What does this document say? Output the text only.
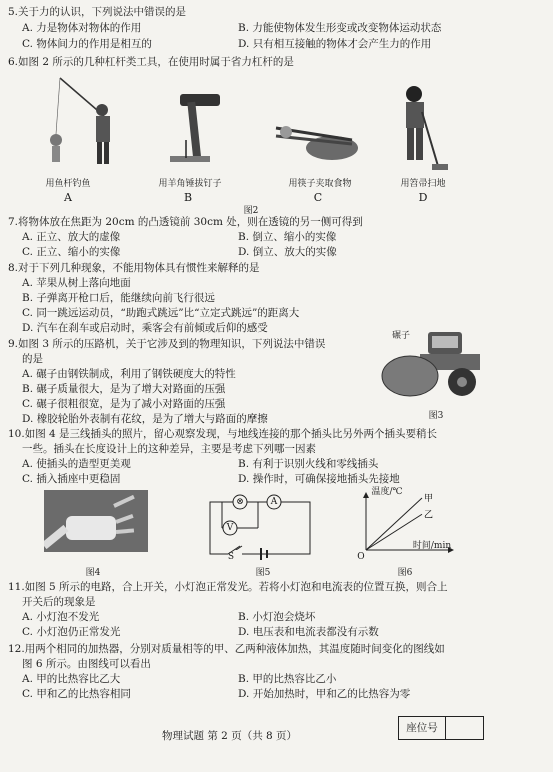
5.关于力的认识，下列说法中错误的是
A. 力是物体对物体的作用	B. 力能使物体发生形变或改变物体运动状态
C. 物体间力的作用是相互的	D. 只有相互接触的物体才会产生力的作用
6.如图 2 所示的几种杠杆类工具，在使用时属于省力杠杆的是
用鱼杆钓鱼
A
用羊角锤拔钉子
B
用筷子夹取食物
C
用笤帚扫地
D
图2
7.将物体放在焦距为 20cm 的凸透镜前 30cm 处，则在透镜的另一侧可得到
A. 正立、放大的虚像	B. 倒立、缩小的实像
C. 正立、缩小的实像	D. 倒立、放大的实像
8.对于下列几种现象，不能用物体具有惯性来解释的是
A. 苹果从树上落向地面
B. 子弹离开枪口后，能继续向前飞行很远
C. 同一跳远运动员，“助跑式跳远”比“立定式跳远”的距离大
D. 汽车在刹车或启动时，乘客会有前倾或后仰的感受
9.如图 3 所示的压路机，关于它涉及到的物理知识，下列说法中错误
的是
A. 碾子由钢铁制成，利用了钢铁硬度大的特性
B. 碾子质量很大，是为了增大对路面的压强
C. 碾子很粗很宽，是为了减小对路面的压强
D. 橡胶轮胎外表制有花纹，是为了增大与路面的摩擦
碾子
图3
10.如图 4 是三线插头的照片，留心观察发现，与地线连接的那个插头比另外两个插头要稍长
一些。插头在长度设计上的这种差异，主要是考虑下列哪一因素
A. 使插头的造型更美观	B. 有利于识别火线和零线插头
C. 插入插座中更稳固	D. 操作时，可确保接地插头先接地
图4
⊗	A
V
S
图5
温度/℃
O
甲
乙
时间/min
图6
11.如图 5 所示的电路，合上开关，小灯泡正常发光。若将小灯泡和电流表的位置互换，则合上
开关后的现象是
A. 小灯泡不发光	B. 小灯泡会烧坏
C. 小灯泡仍正常发光	D. 电压表和电流表都没有示数
12.用两个相同的加热器，分别对质量相等的甲、乙两种液体加热，其温度随时间变化的图线如
图 6 所示。由图线可以看出
A. 甲的比热容比乙大	B. 甲的比热容比乙小
C. 甲和乙的比热容相同	D. 开始加热时，甲和乙的比热容为零
物理试题 第 2 页（共 8 页）
座位号
